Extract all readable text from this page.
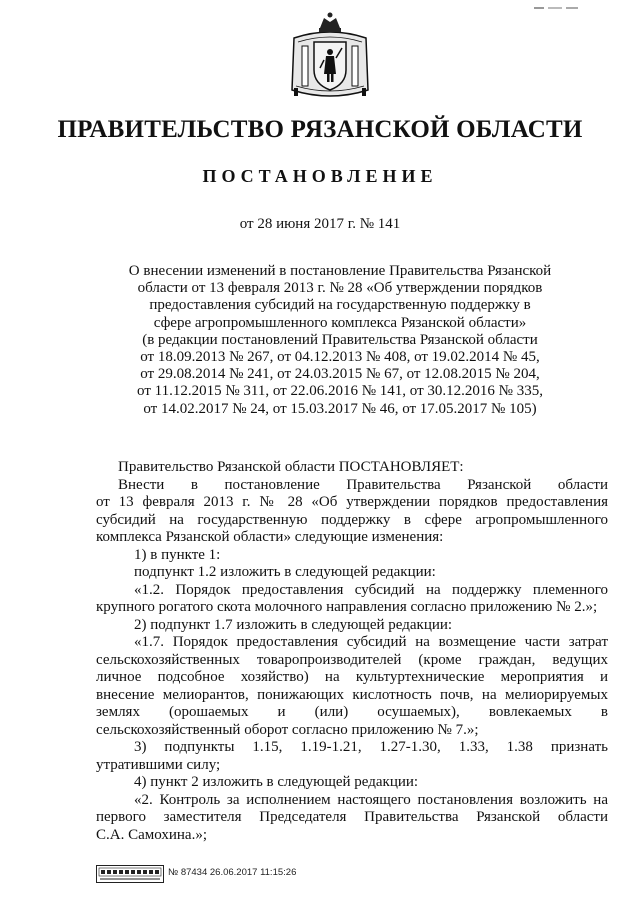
ПРАВИТЕЛЬСТВО РЯЗАНСКОЙ ОБЛАСТИ
ПОСТАНОВЛЕНИЕ
от 28 июня 2017 г. № 141
О внесении изменений в постановление Правительства Рязанской
области от 13 февраля 2013 г. № 28 «Об утверждении порядков
предоставления субсидий на государственную поддержку в
сфере агропромышленного комплекса Рязанской области»
(в редакции постановлений Правительства Рязанской области
от 18.09.2013 № 267, от 04.12.2013 № 408, от 19.02.2014 № 45,
от 29.08.2014 № 241, от 24.03.2015 № 67, от 12.08.2015 № 204,
от 11.12.2015 № 311, от 22.06.2016 № 141, от 30.12.2016 № 335,
от 14.02.2017 № 24, от 15.03.2017 № 46, от 17.05.2017 № 105)
Правительство Рязанской области ПОСТАНОВЛЯЕТ:
Внести в постановление Правительства Рязанской области
от 13 февраля 2013 г. № 28 «Об утверждении порядков предоставления
субсидий на государственную поддержку в сфере агропромышленного
комплекса Рязанской области» следующие изменения:
1) в пункте 1:
подпункт 1.2 изложить в следующей редакции:
«1.2. Порядок предоставления субсидий на поддержку племенного
крупного рогатого скота молочного направления согласно приложению № 2.»;
2) подпункт 1.7 изложить в следующей редакции:
«1.7. Порядок предоставления субсидий на возмещение части затрат
сельскохозяйственных товаропроизводителей (кроме граждан, ведущих
личное подсобное хозяйство) на культуртехнические мероприятия и
внесение мелиорантов, понижающих кислотность почв, на мелиорируемых
землях (орошаемых и (или) осушаемых), вовлекаемых в
сельскохозяйственный оборот согласно приложению № 7.»;
3) подпункты 1.15, 1.19-1.21, 1.27-1.30, 1.33, 1.38 признать
утратившими силу;
4) пункт 2 изложить в следующей редакции:
«2. Контроль за исполнением настоящего постановления возложить на
первого заместителя Председателя Правительства Рязанской области
С.А. Самохина.»;
№ 87434 26.06.2017 11:15:26
